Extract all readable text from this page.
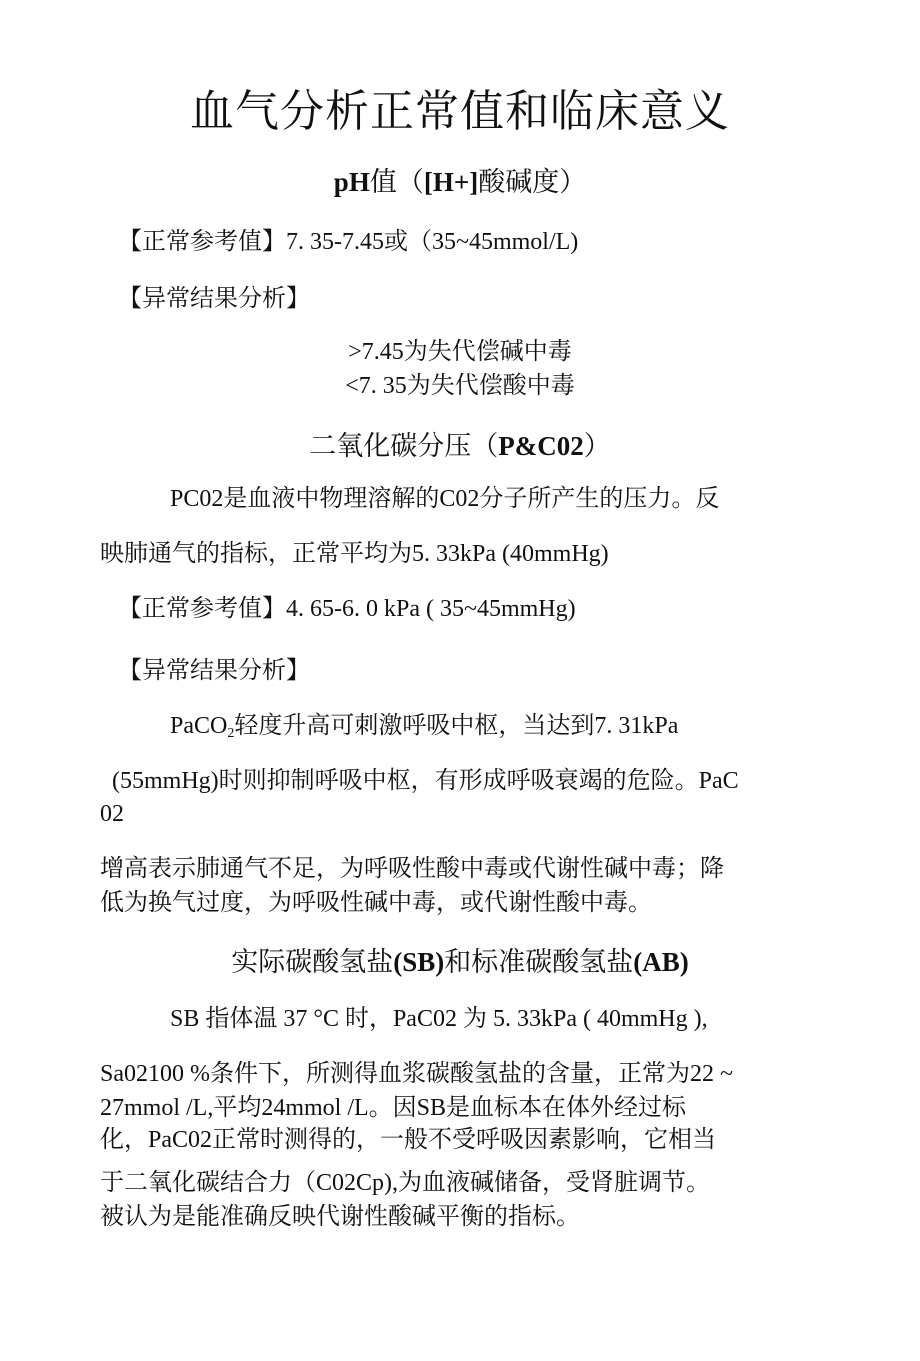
血气分析正常值和临床意义
pH值（[H+]酸碱度）
【正常参考值】7. 35-7.45或（35~45mmol/L)
【异常结果分析】
>7.45为失代偿碱中毒
<7. 35为失代偿酸中毒
二氧化碳分压（P&C02）
PC02是血液中物理溶解的C02分子所产生的压力。反
映肺通气的指标，正常平均为5. 33kPa (40mmHg)
【正常参考值】4. 65-6. 0 kPa ( 35~45mmHg)
【异常结果分析】
PaCO$_2$轻度升高可刺激呼吸中枢，当达到7. 31kPa
(55mmHg)时则抑制呼吸中枢，有形成呼吸衰竭的危险。PaC
02
增高表示肺通气不足，为呼吸性酸中毒或代谢性碱中毒；降
低为换气过度，为呼吸性碱中毒，或代谢性酸中毒。
实际碳酸氢盐(SB)和标准碳酸氢盐(AB)
SB 指体温 37 °C 时，PaC02 为 5. 33kPa ( 40mmHg ),
Sa02100 %条件下，所测得血浆碳酸氢盐的含量，正常为22 ~
27mmol /L,平均24mmol /L。因SB是血标本在体外经过标
化，PaC02正常时测得的，一般不受呼吸因素影响，它相当
于二氧化碳结合力（C02Cp),为血液碱储备，受肾脏调节。
被认为是能准确反映代谢性酸碱平衡的指标。
